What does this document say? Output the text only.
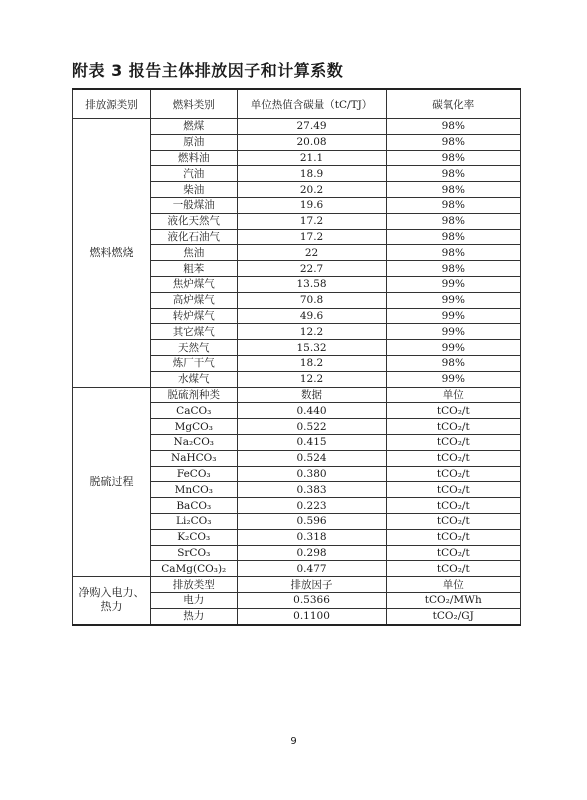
附表 3 报告主体排放因子和计算系数
排放源类别	燃料类别	单位热值含碳量（tC/TJ）	碳氧化率
燃料燃烧	燃煤	27.49	98%
	原油	20.08	98%
	燃料油	21.1	98%
	汽油	18.9	98%
	柴油	20.2	98%
	一般煤油	19.6	98%
	液化天然气	17.2	98%
	液化石油气	17.2	98%
	焦油	22	98%
	粗苯	22.7	98%
	焦炉煤气	13.58	99%
	高炉煤气	70.8	99%
	转炉煤气	49.6	99%
	其它煤气	12.2	99%
	天然气	15.32	99%
	炼厂干气	18.2	98%
	水煤气	12.2	99%
脱硫过程	脱硫剂种类	数据	单位
	CaCO₃	0.440	tCO₂/t
	MgCO₃	0.522	tCO₂/t
	Na₂CO₃	0.415	tCO₂/t
	NaHCO₃	0.524	tCO₂/t
	FeCO₃	0.380	tCO₂/t
	MnCO₃	0.383	tCO₂/t
	BaCO₃	0.223	tCO₂/t
	Li₂CO₃	0.596	tCO₂/t
	K₂CO₃	0.318	tCO₂/t
	SrCO₃	0.298	tCO₂/t
	CaMg(CO₃)₂	0.477	tCO₂/t
净购入电力、热力	排放类型	排放因子	单位
	电力	0.5366	tCO₂/MWh
	热力	0.1100	tCO₂/GJ
9
